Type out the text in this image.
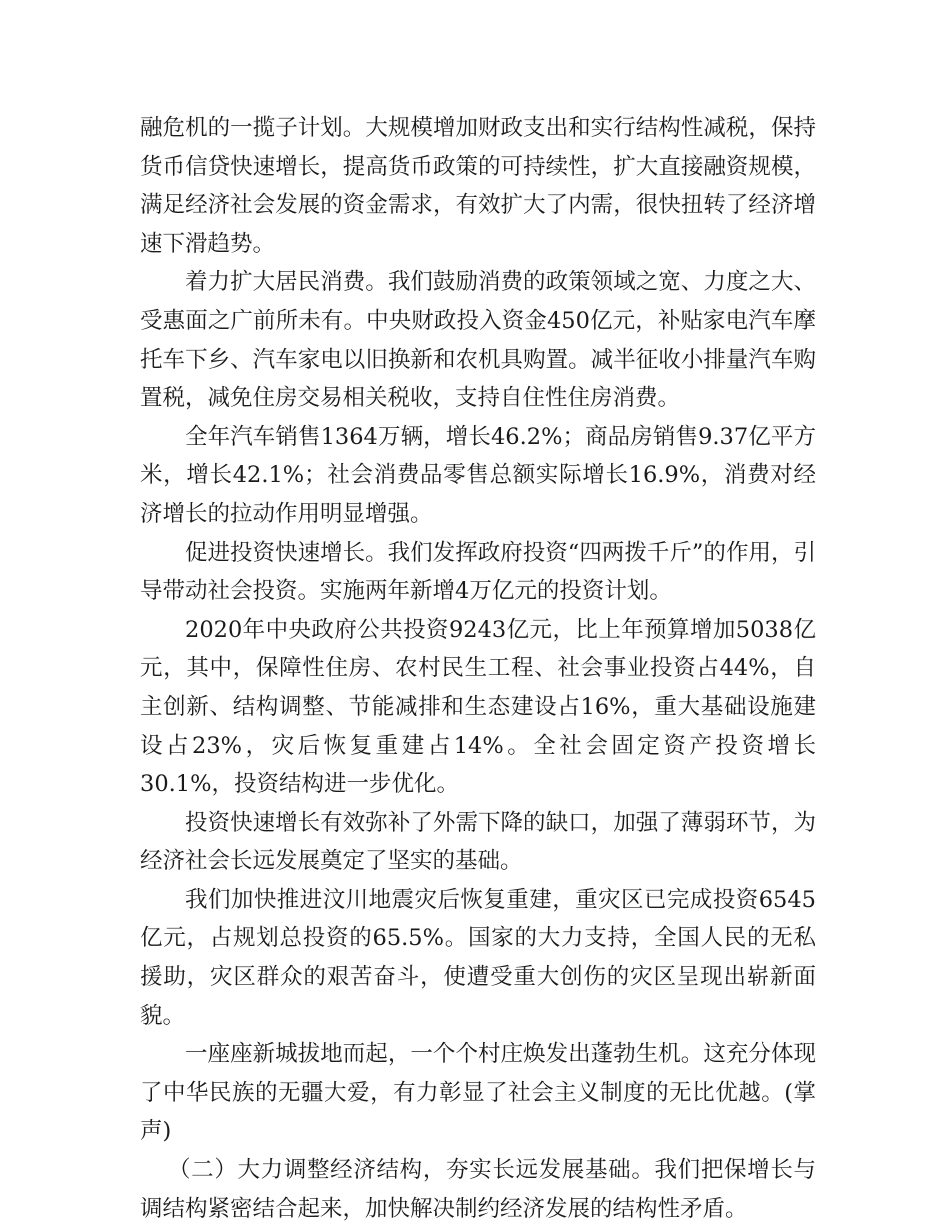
融危机的一揽子计划。大规模增加财政支出和实行结构性减税，保持货币信贷快速增长，提高货币政策的可持续性，扩大直接融资规模，满足经济社会发展的资金需求，有效扩大了内需，很快扭转了经济增速下滑趋势。

着力扩大居民消费。我们鼓励消费的政策领域之宽、力度之大、受惠面之广前所未有。中央财政投入资金450亿元，补贴家电汽车摩托车下乡、汽车家电以旧换新和农机具购置。减半征收小排量汽车购置税，减免住房交易相关税收，支持自住性住房消费。

全年汽车销售1364万辆，增长46.2%；商品房销售9.37亿平方米，增长42.1%；社会消费品零售总额实际增长16.9%，消费对经济增长的拉动作用明显增强。

促进投资快速增长。我们发挥政府投资“四两拨千斤”的作用，引导带动社会投资。实施两年新增4万亿元的投资计划。

2020年中央政府公共投资9243亿元，比上年预算增加5038亿元，其中，保障性住房、农村民生工程、社会事业投资占44%，自主创新、结构调整、节能减排和生态建设占16%，重大基础设施建设占23%，灾后恢复重建占14%。全社会固定资产投资增长30.1%，投资结构进一步优化。

投资快速增长有效弥补了外需下降的缺口，加强了薄弱环节，为经济社会长远发展奠定了坚实的基础。

我们加快推进汶川地震灾后恢复重建，重灾区已完成投资6545亿元，占规划总投资的65.5%。国家的大力支持，全国人民的无私援助，灾区群众的艰苦奋斗，使遭受重大创伤的灾区呈现出崭新面貌。

一座座新城拔地而起，一个个村庄焕发出蓬勃生机。这充分体现了中华民族的无疆大爱，有力彰显了社会主义制度的无比优越。(掌声)

（二）大力调整经济结构，夯实长远发展基础。我们把保增长与调结构紧密结合起来，加快解决制约经济发展的结构性矛盾。
